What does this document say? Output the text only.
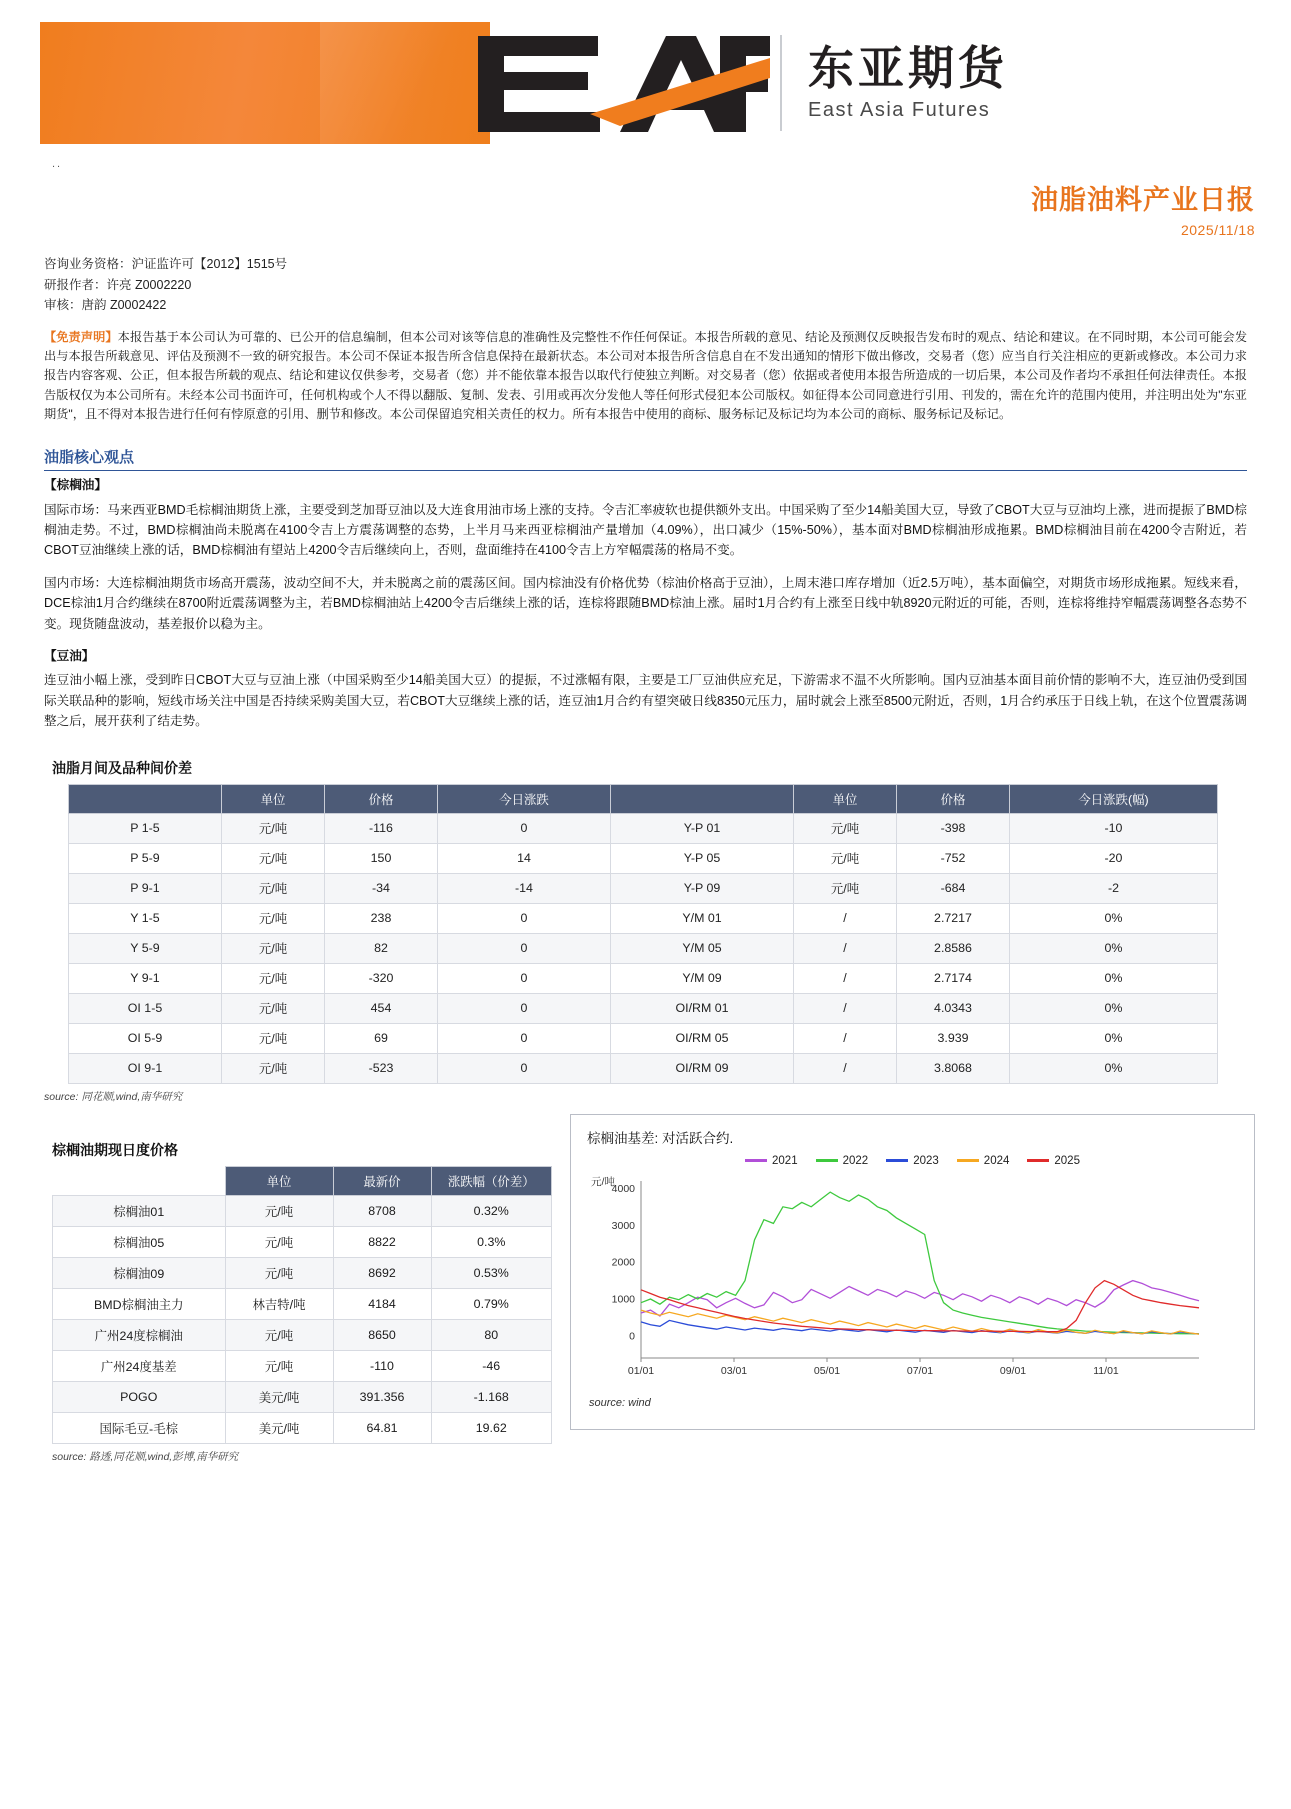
东亚期货
East Asia Futures
..
油脂油料产业日报
2025/11/18
咨询业务资格：沪证监许可【2012】1515号
研报作者：许亮 Z0002220
审核：唐韵 Z0002422
【免责声明】本报告基于本公司认为可靠的、已公开的信息编制，但本公司对该等信息的准确性及完整性不作任何保证。本报告所载的意见、结论及预测仅反映报告发布时的观点、结论和建议。在不同时期，本公司可能会发出与本报告所载意见、评估及预测不一致的研究报告。本公司不保证本报告所含信息保持在最新状态。本公司对本报告所含信息自在不发出通知的情形下做出修改，交易者（您）应当自行关注相应的更新或修改。本公司力求报告内容客观、公正，但本报告所载的观点、结论和建议仅供参考，交易者（您）并不能依靠本报告以取代行使独立判断。对交易者（您）依据或者使用本报告所造成的一切后果，本公司及作者均不承担任何法律责任。本报告版权仅为本公司所有。未经本公司书面许可，任何机构或个人不得以翻版、复制、发表、引用或再次分发他人等任何形式侵犯本公司版权。如征得本公司同意进行引用、刊发的，需在允许的范围内使用，并注明出处为"东亚期货"，且不得对本报告进行任何有悖原意的引用、删节和修改。本公司保留追究相关责任的权力。所有本报告中使用的商标、服务标记及标记均为本公司的商标、服务标记及标记。
油脂核心观点
【棕榈油】
国际市场：马来西亚BMD毛棕榈油期货上涨，主要受到芝加哥豆油以及大连食用油市场上涨的支持。令吉汇率疲软也提供额外支出。中国采购了至少14船美国大豆，导致了CBOT大豆与豆油均上涨，进而提振了BMD棕榈油走势。不过，BMD棕榈油尚未脱离在4100令吉上方震荡调整的态势，上半月马来西亚棕榈油产量增加（4.09%），出口减少（15%-50%），基本面对BMD棕榈油形成拖累。BMD棕榈油目前在4200令吉附近，若CBOT豆油继续上涨的话，BMD棕榈油有望站上4200令吉后继续向上，否则，盘面维持在4100令吉上方窄幅震荡的格局不变。
国内市场：大连棕榈油期货市场高开震荡，波动空间不大，并未脱离之前的震荡区间。国内棕油没有价格优势（棕油价格高于豆油），上周末港口库存增加（近2.5万吨），基本面偏空，对期货市场形成拖累。短线来看，DCE棕油1月合约继续在8700附近震荡调整为主，若BMD棕榈油站上4200令吉后继续上涨的话，连棕将跟随BMD棕油上涨。届时1月合约有上涨至日线中轨8920元附近的可能，否则，连棕将维持窄幅震荡调整各态势不变。现货随盘波动，基差报价以稳为主。
【豆油】
连豆油小幅上涨，受到昨日CBOT大豆与豆油上涨（中国采购至少14船美国大豆）的提振，不过涨幅有限，主要是工厂豆油供应充足，下游需求不温不火所影响。国内豆油基本面目前价情的影响不大，连豆油仍受到国际关联品种的影响，短线市场关注中国是否持续采购美国大豆，若CBOT大豆继续上涨的话，连豆油1月合约有望突破日线8350元压力，届时就会上涨至8500元附近，否则，1月合约承压于日线上轨，在这个位置震荡调整之后，展开获利了结走势。
油脂月间及品种间价差
	单位	价格	今日涨跌		单位	价格	今日涨跌(幅)
P 1-5	元/吨	-116	0	Y-P 01	元/吨	-398	-10
P 5-9	元/吨	150	14	Y-P 05	元/吨	-752	-20
P 9-1	元/吨	-34	-14	Y-P 09	元/吨	-684	-2
Y 1-5	元/吨	238	0	Y/M 01	/	2.7217	0%
Y 5-9	元/吨	82	0	Y/M 05	/	2.8586	0%
Y 9-1	元/吨	-320	0	Y/M 09	/	2.7174	0%
OI 1-5	元/吨	454	0	OI/RM 01	/	4.0343	0%
OI 5-9	元/吨	69	0	OI/RM 05	/	3.939	0%
OI 9-1	元/吨	-523	0	OI/RM 09	/	3.8068	0%
source: 同花顺,wind,南华研究
棕榈油期现日度价格
	单位	最新价	涨跌幅（价差）
棕榈油01	元/吨	8708	0.32%
棕榈油05	元/吨	8822	0.3%
棕榈油09	元/吨	8692	0.53%
BMD棕榈油主力	林吉特/吨	4184	0.79%
广州24度棕榈油	元/吨	8650	80
广州24度基差	元/吨	-110	-46
POGO	美元/吨	391.356	-1.168
国际毛豆-毛棕	美元/吨	64.81	19.62
source: 路透,同花顺,wind,彭博,南华研究
棕榈油基差: 对活跃合约.
2021	2022	2023	2024	2025
元/吨
0
1000
2000
3000
4000
01/01	03/01	05/01	07/01	09/01	11/01
source: wind
